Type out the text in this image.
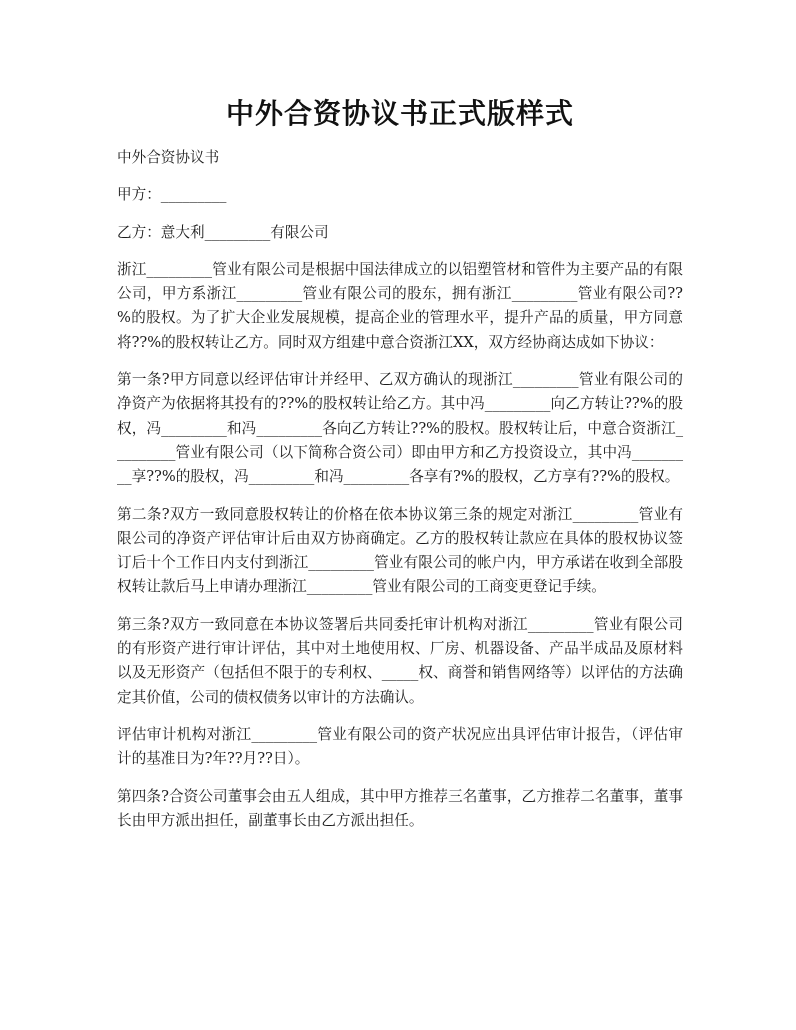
中外合资协议书正式版样式

中外合资协议书

甲方：_________

乙方：意大利_________有限公司

浙江_________管业有限公司是根据中国法律成立的以铝塑管材和管件为主要产品的有限公司，甲方系浙江_________管业有限公司的股东，拥有浙江_________管业有限公司??%的股权。为了扩大企业发展规模，提高企业的管理水平，提升产品的质量，甲方同意将??%的股权转让乙方。同时双方组建中意合资浙江XX，双方经协商达成如下协议：

第一条?甲方同意以经评估审计并经甲、乙双方确认的现浙江_________管业有限公司的净资产为依据将其投有的??%的股权转让给乙方。其中冯_________向乙方转让??%的股权，冯_________和冯_________各向乙方转让??%的股权。股权转让后，中意合资浙江_________管业有限公司（以下简称合资公司）即由甲方和乙方投资设立，其中冯_________享??%的股权，冯_________和冯_________各享有?%的股权，乙方享有??%的股权。

第二条?双方一致同意股权转让的价格在依本协议第三条的规定对浙江_________管业有限公司的净资产评估审计后由双方协商确定。乙方的股权转让款应在具体的股权协议签订后十个工作日内支付到浙江_________管业有限公司的帐户内，甲方承诺在收到全部股权转让款后马上申请办理浙江_________管业有限公司的工商变更登记手续。

第三条?双方一致同意在本协议签署后共同委托审计机构对浙江_________管业有限公司的有形资产进行审计评估，其中对土地使用权、厂房、机器设备、产品半成品及原材料以及无形资产（包括但不限于的专利权、_____权、商誉和销售网络等）以评估的方法确定其价值，公司的债权债务以审计的方法确认。

评估审计机构对浙江_________管业有限公司的资产状况应出具评估审计报告，（评估审计的基准日为?年??月??日）。

第四条?合资公司董事会由五人组成，其中甲方推荐三名董事，乙方推荐二名董事，董事长由甲方派出担任，副董事长由乙方派出担任。
